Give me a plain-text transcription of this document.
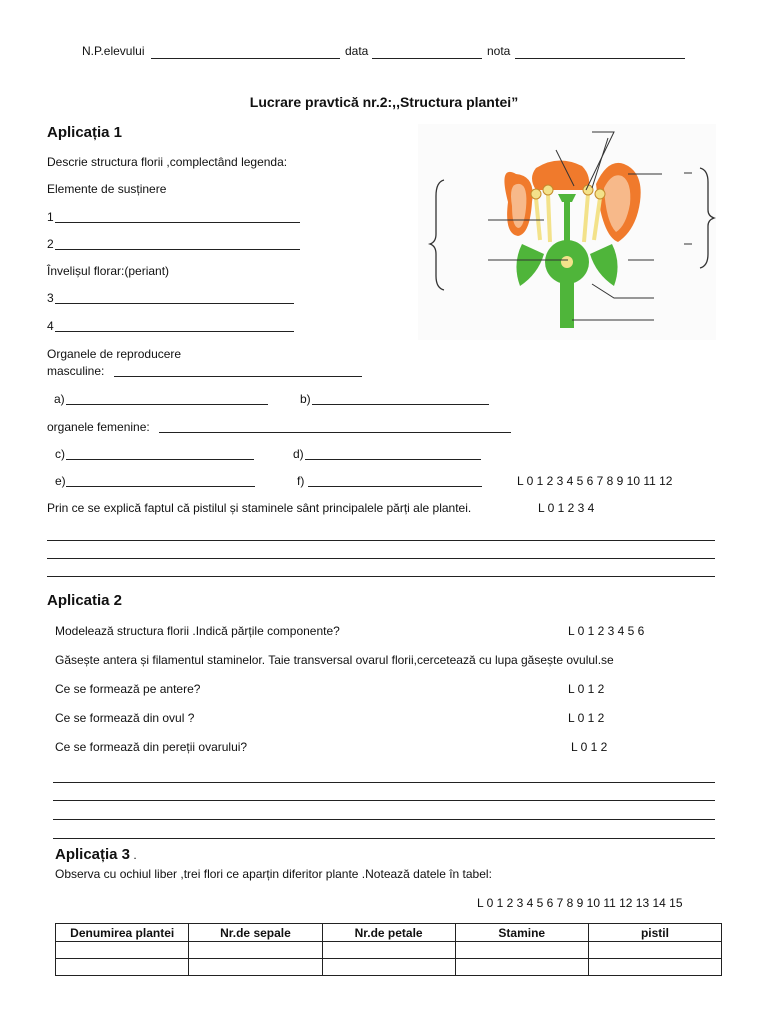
N.P.elevului	data	nota
Lucrare pravtică nr.2:,,Structura plantei”
Aplicația 1
Descrie structura florii ,complectând legenda:
Elemente de susținere
1
2
Învelișul florar:(periant)
3
4
Organele de reproducere
masculine:
a)	b)
organele femenine:
c)	d)
e)	f)	L 0 1 2 3 4 5 6 7 8 9 10 11 12
Prin ce se explică faptul că pistilul și staminele sânt principalele părți ale plantei.	L 0 1 2 3 4
Aplicatia 2
Modelează structura florii .Indică părțile componente?	L 0 1 2 3 4 5 6
Găsește antera și filamentul staminelor. Taie transversal ovarul florii,cercetează cu lupa găsește ovulul.se
Ce se formează pe antere?	L 0 1 2
Ce se formează din ovul ?	L 0 1 2
Ce se formează din pereții ovarului?	L 0 1 2
Aplicația 3 .
Observa cu ochiul liber ,trei flori ce aparțin diferitor plante .Notează datele în tabel:
L 0 1 2 3 4 5 6 7 8 9 10 11 12 13 14 15
Denumirea plantei	Nr.de sepale	Nr.de petale	Stamine	pistil
